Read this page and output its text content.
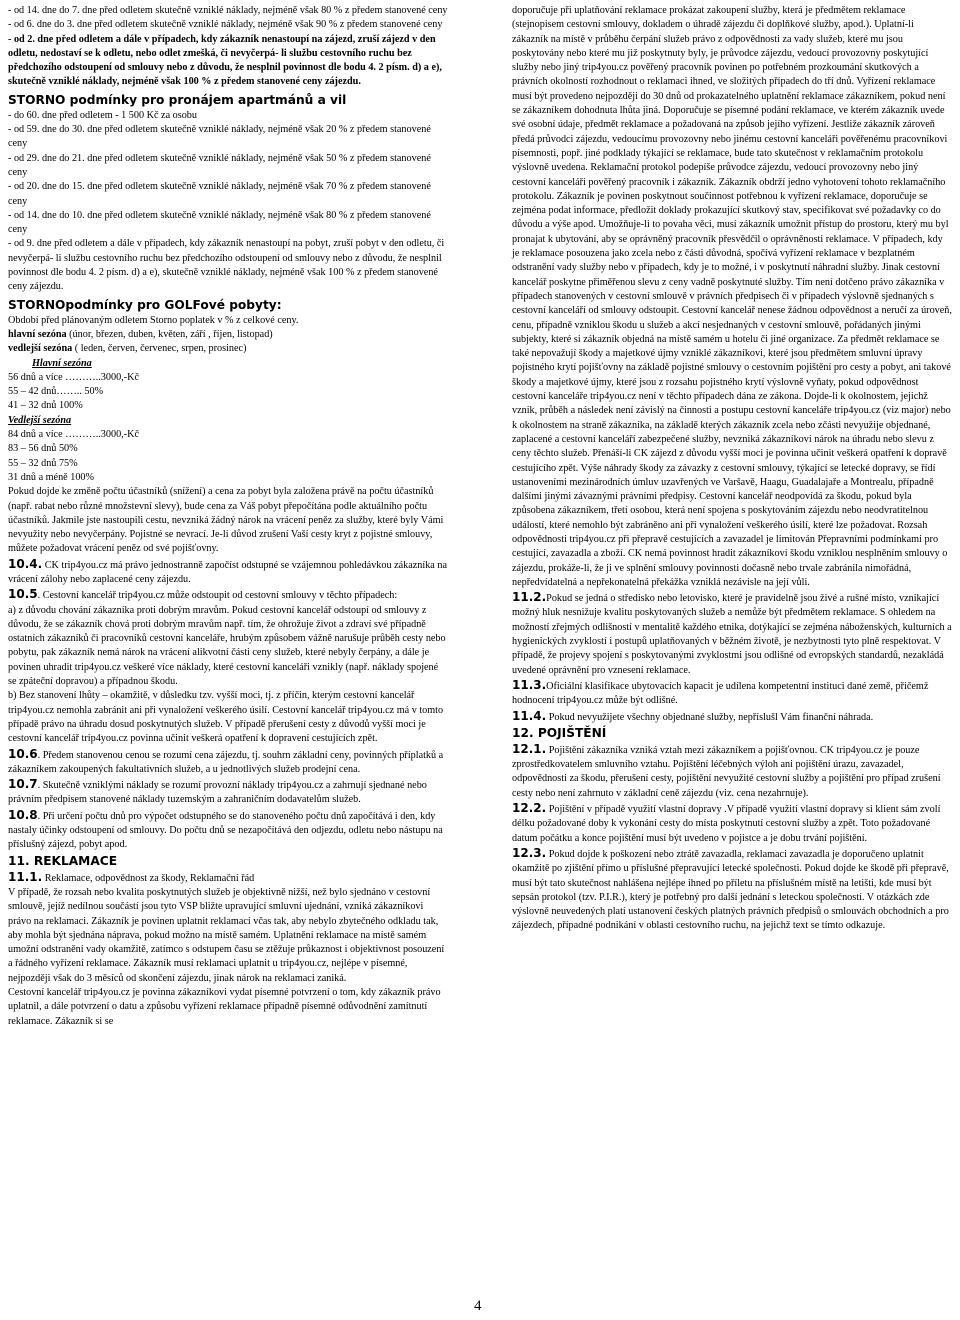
- od 14. dne do 7. dne před odletem skutečně vzniklé náklady, nejméně však 80 % z předem stanovené ceny

- od 6. dne do 3. dne před odletem skutečně vzniklé náklady, nejméně však 90 % z předem stanovené ceny

- od 2. dne před odletem a dále v případech, kdy zákazník nenastoupí na zájezd, zruší zájezd v den odletu, nedostaví se k odletu, nebo odlet zmešká, či nevyčerpá- li službu cestovního ruchu bez předchozího odstoupení od smlouvy nebo z důvodu, že nesplnil povinnost dle bodu 4. 2 písm. d) a e), skutečně vzniklé náklady, nejméně však 100 % z předem stanovené ceny zájezdu.

STORNO podmínky pro pronájem apartmánů a vil

- do 60. dne před odletem - 1 500 Kč za osobu

- od 59. dne do 30. dne před odletem skutečně vzniklé náklady, nejméně však 20 % z předem stanovené ceny

- od 29. dne do 21. dne před odletem skutečně vzniklé náklady, nejméně však 50 % z předem stanovené ceny

- od 20. dne do 15. dne před odletem skutečně vzniklé náklady, nejméně však 70 % z předem stanovené ceny

- od 14. dne do 10. dne před odletem skutečně vzniklé náklady, nejméně však 80 % z předem stanovené ceny

- od 9. dne před odletem a dále v případech, kdy zákazník nenastoupí na pobyt, zruší pobyt v den odletu, či nevyčerpá- li službu cestovního ruchu bez předchozího odstoupení od smlouvy nebo z důvodu, že nesplnil povinnost dle bodu 4. 2 písm. d) a e), skutečně vzniklé náklady, nejméně však 100 % z předem stanovené ceny zájezdu.

STORNOpodmínky pro GOLFové pobyty:

Období před plánovaným odletem Storno poplatek v % z celkové ceny.

hlavní sezóna (únor, březen, duben, květen, září , říjen, listopad)

vedlejší sezóna ( leden, červen, červenec, srpen, prosinec)

Hlavní sezóna

56 dnů a více ………..3000,-Kč

55 – 42 dnů…….. 50%

41 – 32 dnů 100%

Vedlejší sezóna

84 dnů a více ………..3000,-Kč

83 – 56 dnů 50%

55 – 32 dnů 75%

31 dnů a méně 100%

Pokud dojde ke změně počtu účastníků (snížení) a cena za pobyt byla založena právě na počtu účastníků (např. rabat nebo různé množstevní slevy), bude cena za Váš pobyt přepočítána podle aktuálního počtu účastníků. Jakmile jste nastoupili cestu, nevzniká žádný nárok na vrácení peněz za služby, které byly Vámi nevyužity nebo nevyčerpány. Pojistné se nevrací. Je-li důvod zrušení Vaší cesty kryt z pojistné smlouvy, můžete požadovat vrácení peněz od své pojišťovny.

10.4. CK trip4you.cz má právo jednostranně započíst odstupné se vzájemnou pohledávkou zákazníka na vrácení zálohy nebo zaplacené ceny zájezdu.

10.5. Cestovní kancelář trip4you.cz může odstoupit od cestovní smlouvy v těchto případech:

a) z důvodu chování zákazníka proti dobrým mravům. Pokud cestovní kancelář odstoupí od smlouvy z důvodu, že se zákazník chová proti dobrým mravům např. tím, že ohrožuje život a zdraví své případně ostatních zákazníků či pracovníků cestovní kanceláře, hrubým způsobem vážně narušuje průběh cesty nebo pobytu, pak zákazník nemá nárok na vrácení alikvotní části ceny služeb, které nebyly čerpány, a dále je povinen uhradit trip4you.cz veškeré více náklady, které cestovní kanceláři vznikly (např. náklady spojené se zpáteční dopravou) a případnou škodu.

b) Bez stanovení lhůty – okamžitě, v důsledku tzv. vyšší moci, tj. z příčin, kterým cestovní kancelář trip4you.cz nemohla zabránit ani při vynaložení veškerého úsilí. Cestovní kancelář trip4you.cz má v tomto případě právo na úhradu dosud poskytnutých služeb. V případě přerušení cesty z důvodů vyšší moci je cestovní kancelář trip4you.cz povinna učinit veškerá opatření k dopravení cestujících zpět.

10.6. Předem stanovenou cenou se rozumí cena zájezdu, tj. souhrn základní ceny, povinných příplatků a zákazníkem zakoupených fakultativních služeb, a u jednotlivých služeb prodejní cena.

10.7. Skutečně vzniklými náklady se rozumí provozní náklady trip4you.cz a zahrnují sjednané nebo právním předpisem stanovené náklady tuzemským a zahraničním dodavatelům služeb.

10.8. Při určení počtu dnů pro výpočet odstupného se do stanoveného počtu dnů započítává i den, kdy nastaly účinky odstoupení od smlouvy. Do počtu dnů se nezapočítává den odjezdu, odletu nebo nástupu na příslušný zájezd, pobyt apod.

11. REKLAMACE

11.1. Reklamace, odpovědnost za škody, Reklamační řád

V případě, že rozsah nebo kvalita poskytnutých služeb je objektivně nižší, než bylo sjednáno v cestovní smlouvě, jejíž nedílnou součástí jsou tyto VSP bližte upravující smluvní ujednání, vzniká zákazníkovi právo na reklamaci. Zákazník je povinen uplatnit reklamaci včas tak, aby nebylo zbytečného odkladu tak, aby mohla být sjednána náprava, pokud možno na místě samém. Uplatnění reklamace na místě samém umožní odstranění vady okamžitě, zatímco s odstupem času se ztěžuje průkaznost i objektivnost posouzení a řádného vyřízení reklamace. Zákazník musí reklamaci uplatnit u trip4you.cz, nejlépe v písemné, nejpozději však do 3 měsíců od skončení zájezdu, jinak nárok na reklamaci zaniká.

Cestovní kancelář trip4you.cz je povinna zákazníkovi vydat písemné potvrzení o tom, kdy zákazník právo uplatnil, a dále potvrzení o datu a způsobu vyřízení reklamace případně písemné odůvodnění zamítnutí reklamace. Zákazník si se

doporučuje při uplatňování reklamace prokázat zakoupení služby, která je předmětem reklamace (stejnopisem cestovní smlouvy, dokladem o úhradě zájezdu či doplňkové služby, apod.). Uplatní-li zákazník na místě v průběhu čerpání služeb právo z odpovědnosti za vady služeb, které mu jsou poskytovány nebo které mu již poskytnuty byly, je průvodce zájezdu, vedoucí provozovny poskytující služby nebo jiný trip4you.cz pověřený pracovník povinen po potřebném prozkoumání skutkových a právních okolností rozhodnout o reklamaci ihned, ve složitých případech do tří dnů. Vyřízení reklamace musí být provedeno nejpozději do 30 dnů od prokazatelného uplatnění reklamace zákazníkem, pokud není se zákazníkem dohodnuta lhůta jiná. Doporučuje se písemné podání reklamace, ve kterém zákazník uvede své osobní údaje, předmět reklamace a požadovaná na způsob jejího vyřízení. Jestliže zákazník zároveň předá průvodci zájezdu, vedoucímu provozovny nebo jinému cestovní kanceláři pověřenému pracovníkovi písemnosti, popř. jiné podklady týkající se reklamace, bude tato skutečnost v reklamačním protokolu výslovně uvedena. Reklamační protokol podepíše průvodce zájezdu, vedoucí provozovny nebo jiný cestovní kanceláři pověřený pracovník i zákazník. Zákazník obdrží jedno vyhotovení tohoto reklamačního protokolu. Zákazník je povinen poskytnout součinnost potřebnou k vyřízení reklamace, doporučuje se zejména podat informace, předložit doklady prokazující skutkový stav, specifikovat své požadavky co do důvodu a výše apod. Umožňuje-li to povaha věci, musí zákazník umožnit přístup do prostoru, který mu byl pronajat k ubytování, aby se oprávněný pracovník přesvědčil o oprávněnosti reklamace. V případech, kdy je reklamace posouzena jako zcela nebo z části důvodná, spočívá vyřízení reklamace v bezplatném odstranění vady služby nebo v případech, kdy je to možné, i v poskytnutí náhradní služby. Jinak cestovní kancelář poskytne přiměřenou slevu z ceny vadně poskytnuté služby. Tím není dotčeno právo zákazníka v případech stanovených v cestovní smlouvě v právních předpisech či v případech výslovně sjednaných s cestovní kanceláří od smlouvy odstoupit. Cestovní kancelář nenese žádnou odpovědnost a neručí za úroveň, cenu, případně vzniklou škodu u služeb a akcí nesjednaných v cestovní smlouvě, pořádaných jinými subjekty, které si zákazník objedná na místě samém u hotelu či jiné organizace. Za předmět reklamace se také nepovažují škody a majetkové újmy vzniklé zákazníkovi, které jsou předmětem smluvní úpravy pojistného krytí pojišťovny na základě pojistné smlouvy o cestovním pojištění pro cesty a pobyt, ani takové škody a majetkové újmy, které jsou z rozsahu pojistného krytí výslovně vyňaty, pokud odpovědnost cestovní kanceláře trip4you.cz není v těchto případech dána ze zákona. Dojde-li k okolnostem, jejichž vznik, průběh a následek není závislý na činnosti a postupu cestovní kanceláře trip4you.cz (viz major) nebo k okolnostem na straně zákazníka, na základě kterých zákazník zcela nebo zčásti nevyužije objednané, zaplacené a cestovní kanceláří zabezpečené služby, nevzniká zákazníkovi nárok na úhradu nebo slevu z ceny těchto služeb. Přenáší-li CK zájezd z důvodu vyšší moci je povinna učinit veškerá opatření k dopravě cestujícího zpět. Výše náhrady škody za závazky z cestovní smlouvy, týkající se letecké dopravy, se řídí ustanoveními mezinárodních úmluv uzavřených ve Varšavě, Haagu, Guadalajaře a Montrealu, případně dalšími jinými závaznými právními předpisy. Cestovní kancelář neodpovídá za škodu, pokud byla způsobena zákazníkem, třetí osobou, která není spojena s poskytováním zájezdu nebo neodvratitelnou událostí, které nemohlo být zabráněno ani při vynaložení veškerého úsilí, které lze požadovat. Rozsah odpovědnosti trip4you.cz při přepravě cestujících a zavazadel je limitován Přepravními podmínkami pro cestující, zavazadla a zboží. CK nemá povinnost hradit zákazníkovi škodu vzniklou nesplněním smlouvy o zájezdu, prokáže-li, že ji ve splnění smlouvy povinnosti dočasně nebo trvale zabránila nimořádná, nepředvídatelná a nepřekonatelná překážka vzniklá nezávisle na její vůli.

11.2.Pokud se jedná o středisko nebo letovisko, které je pravidelně jsou živé a rušné místo, vznikající možný hluk nesnižuje kvalitu poskytovaných služeb a nemůže být předmětem reklamace. S ohledem na možností zřejmých odlišností v mentalitě každého etnika, dotýkající se zejména náboženských, kulturních a hygienických zvyklostí i postupů uplatňovaných v běžném životě, je nezbytnosti tyto plně respektovat. V případě, že projevy spojení s poskytovanými zvyklostmi jsou odlišné od evropských standardů, nezakládá uvedené oprávnění pro vznesení reklamace.

11.3.Oficiální klasifikace ubytovacích kapacit je udílena kompetentní instituci dané země, přičemž hodnocení trip4you.cz může být odlišné.

11.4. Pokud nevyužijete všechny objednané služby, nepříslušl Vám finanční náhrada.

12. POJIŠTĚNÍ

12.1. Pojištění zákazníka vzniká vztah mezi zákazníkem a pojišťovnou. CK trip4you.cz je pouze zprostředkovatelem smluvního vztahu. Pojištění léčebných výloh ani pojištění úrazu, zavazadel, odpovědnosti za škodu, přerušení cesty, pojištění nevyužité cestovní služby a pojištění pro případ zrušení cesty nebo není zahrnuto v základní ceně zájezdu (viz. cena nezahrnuje).

12.2. Pojištění v případě využití vlastní dopravy .V případě využití vlastní dopravy si klient sám zvolí délku požadované doby k vykonání cesty do místa poskytnutí cestovní služby a zpět. Toto požadované datum počátku a konce pojištění musí být uvedeno v pojistce a je dobu trvání pojištění.

12.3. Pokud dojde k poškození nebo ztrátě zavazadla, reklamaci zavazadla je doporučeno uplatnit okamžitě po zjištění přímo u příslušné přepravující letecké společnosti. Pokud dojde ke škodě při přepravě, musí být tato skutečnost nahlášena nejlépe ihned po příletu na příslušném místě na letišti, kde musí být sepsán protokol (tzv. P.I.R.), který je potřebný pro další jednání s leteckou společností. V otázkách zde výslovně neuvedených platí ustanovení českých platných právních předpisů o smlouvách obchodních a pro zájezdech, případné podnikání v oblasti cestovního ruchu, na jejichž text se tímto odkazuje.

4
